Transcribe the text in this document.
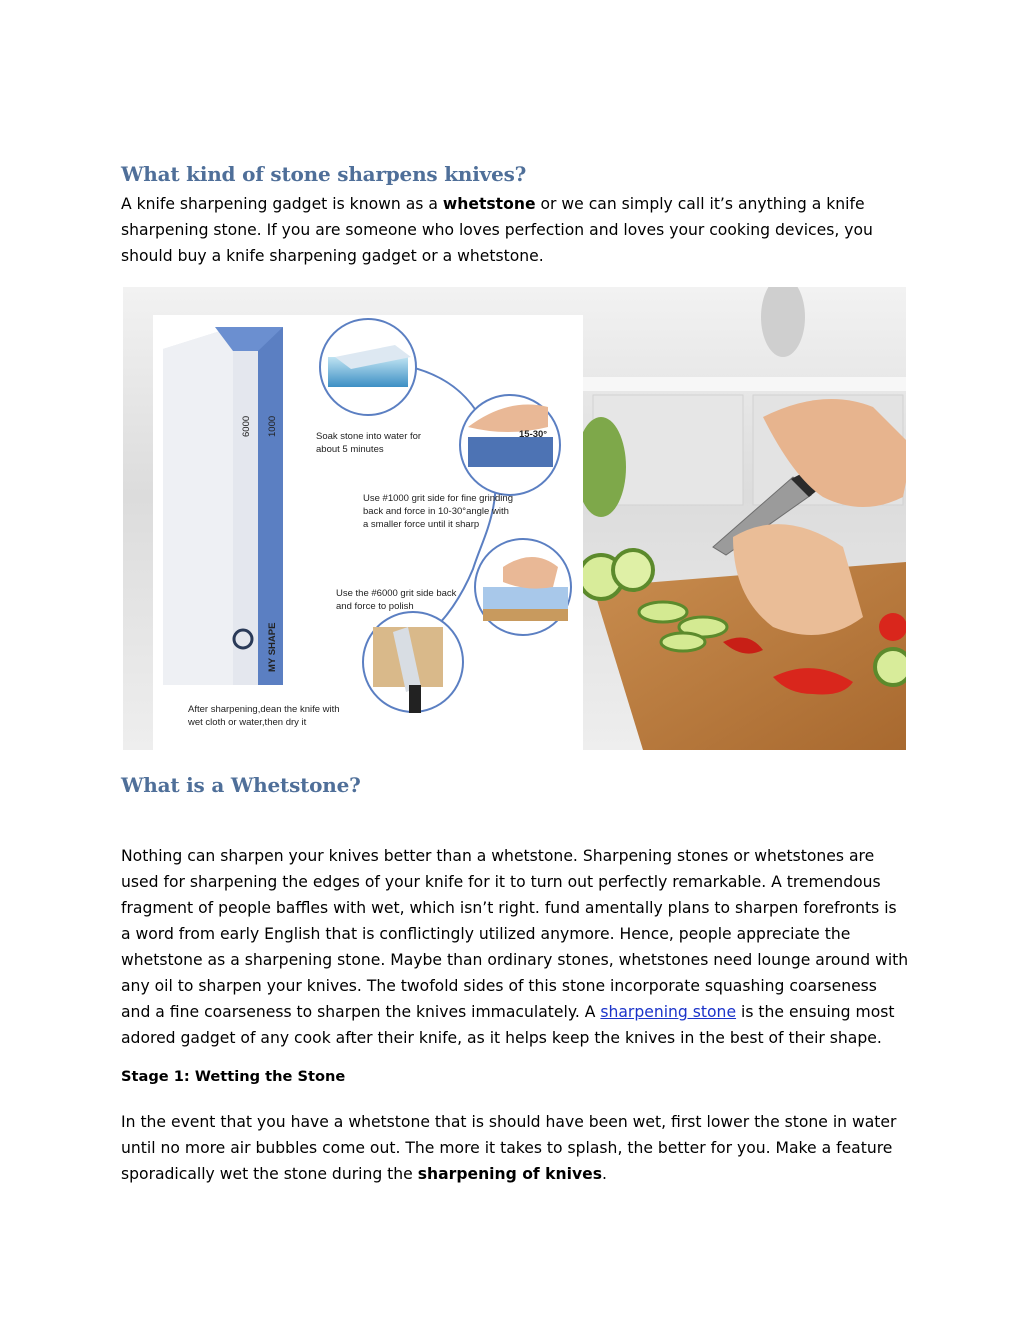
What kind of stone sharpens knives?

A knife sharpening gadget is known as a whetstone or we can simply call it’s anything a knife sharpening stone. If you are someone who loves perfection and loves your cooking devices, you should buy a knife sharpening gadget or a whetstone.

6000 1000
MY SHAPE
15-30°
Soak stone into water for
about 5 minutes
Use #1000 grit side for fine grinding
back and force in 10-30°angle with
a smaller force until it sharp
Use the #6000 grit side back
and force to polish
After sharpening,dean the knife with
wet cloth or water,then dry it
What is a Whetstone?

Nothing can sharpen your knives better than a whetstone. Sharpening stones or whetstones are used for sharpening the edges of your knife for it to turn out perfectly remarkable. A tremendous fragment of people baffles with wet, which isn’t right. fund amentally plans to sharpen forefronts is a word from early English that is conflictingly utilized anymore. Hence, people appreciate the whetstone as a sharpening stone. Maybe than ordinary stones, whetstones need lounge around with any oil to sharpen your knives. The twofold sides of this stone incorporate squashing coarseness and a fine coarseness to sharpen the knives immaculately. A sharpening stone is the ensuing most adored gadget of any cook after their knife, as it helps keep the knives in the best of their shape.

Stage 1: Wetting the Stone

In the event that you have a whetstone that is should have been wet, first lower the stone in water until no more air bubbles come out. The more it takes to splash, the better for you. Make a feature sporadically wet the stone during the sharpening of knives.
